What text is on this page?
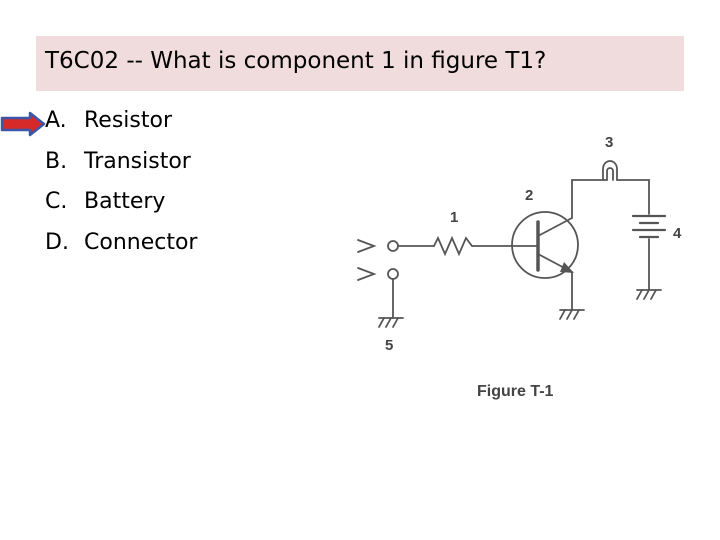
T6C02 -- What is component 1 in figure T1?
A. Resistor
B. Transistor
C. Battery
D. Connector
1
2
3
4
5
Figure T-1
